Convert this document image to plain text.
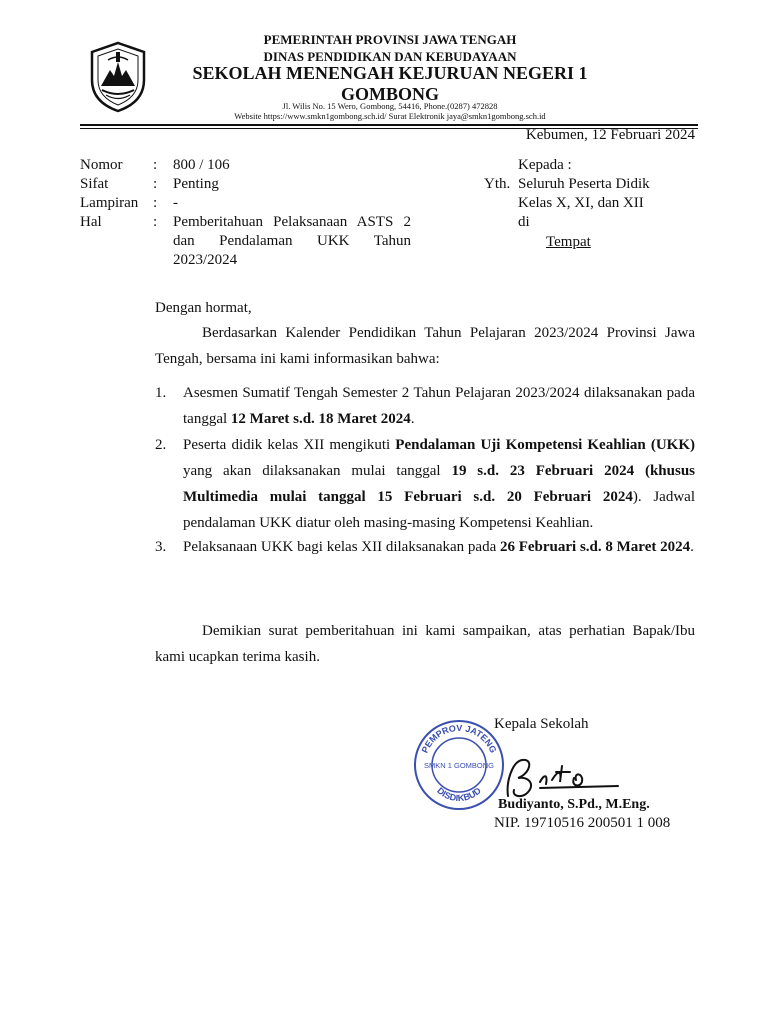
PEMERINTAH PROVINSI JAWA TENGAH
DINAS PENDIDIKAN DAN KEBUDAYAAN
SEKOLAH MENENGAH KEJURUAN NEGERI 1
GOMBONG
Jl. Wilis No. 15 Wero, Gombong, 54416, Phone.(0287) 472828
Website https://www.smkn1gombong.sch.id/ Surat Elektronik jaya@smkn1gombong.sch.id
Kebumen, 12 Februari 2024
Nomor : 800 / 106
Sifat	: Penting
Lampiran : -
Hal	: Pemberitahuan Pelaksanaan ASTS 2 dan Pendalaman UKK Tahun 2023/2024
Kepada :
Yth. Seluruh Peserta Didik
Kelas X, XI, dan XII
di
Tempat
Dengan hormat,
Berdasarkan Kalender Pendidikan Tahun Pelajaran 2023/2024 Provinsi Jawa Tengah, bersama ini kami informasikan bahwa:
1. Asesmen Sumatif Tengah Semester 2 Tahun Pelajaran 2023/2024 dilaksanakan pada tanggal 12 Maret s.d. 18 Maret 2024.
2. Peserta didik kelas XII mengikuti Pendalaman Uji Kompetensi Keahlian (UKK) yang akan dilaksanakan mulai tanggal 19 s.d. 23 Februari 2024 (khusus Multimedia mulai tanggal 15 Februari s.d. 20 Februari 2024). Jadwal pendalaman UKK diatur oleh masing-masing Kompetensi Keahlian.
3. Pelaksanaan UKK bagi kelas XII dilaksanakan pada 26 Februari s.d. 8 Maret 2024.
Demikian surat pemberitahuan ini kami sampaikan, atas perhatian Bapak/Ibu kami ucapkan terima kasih.
Kepala Sekolah
PEMPROV JATENG
SMKN 1 GOMBONG
DISDIKBUD
Budiyanto, S.Pd., M.Eng.
NIP. 19710516 200501 1 008
